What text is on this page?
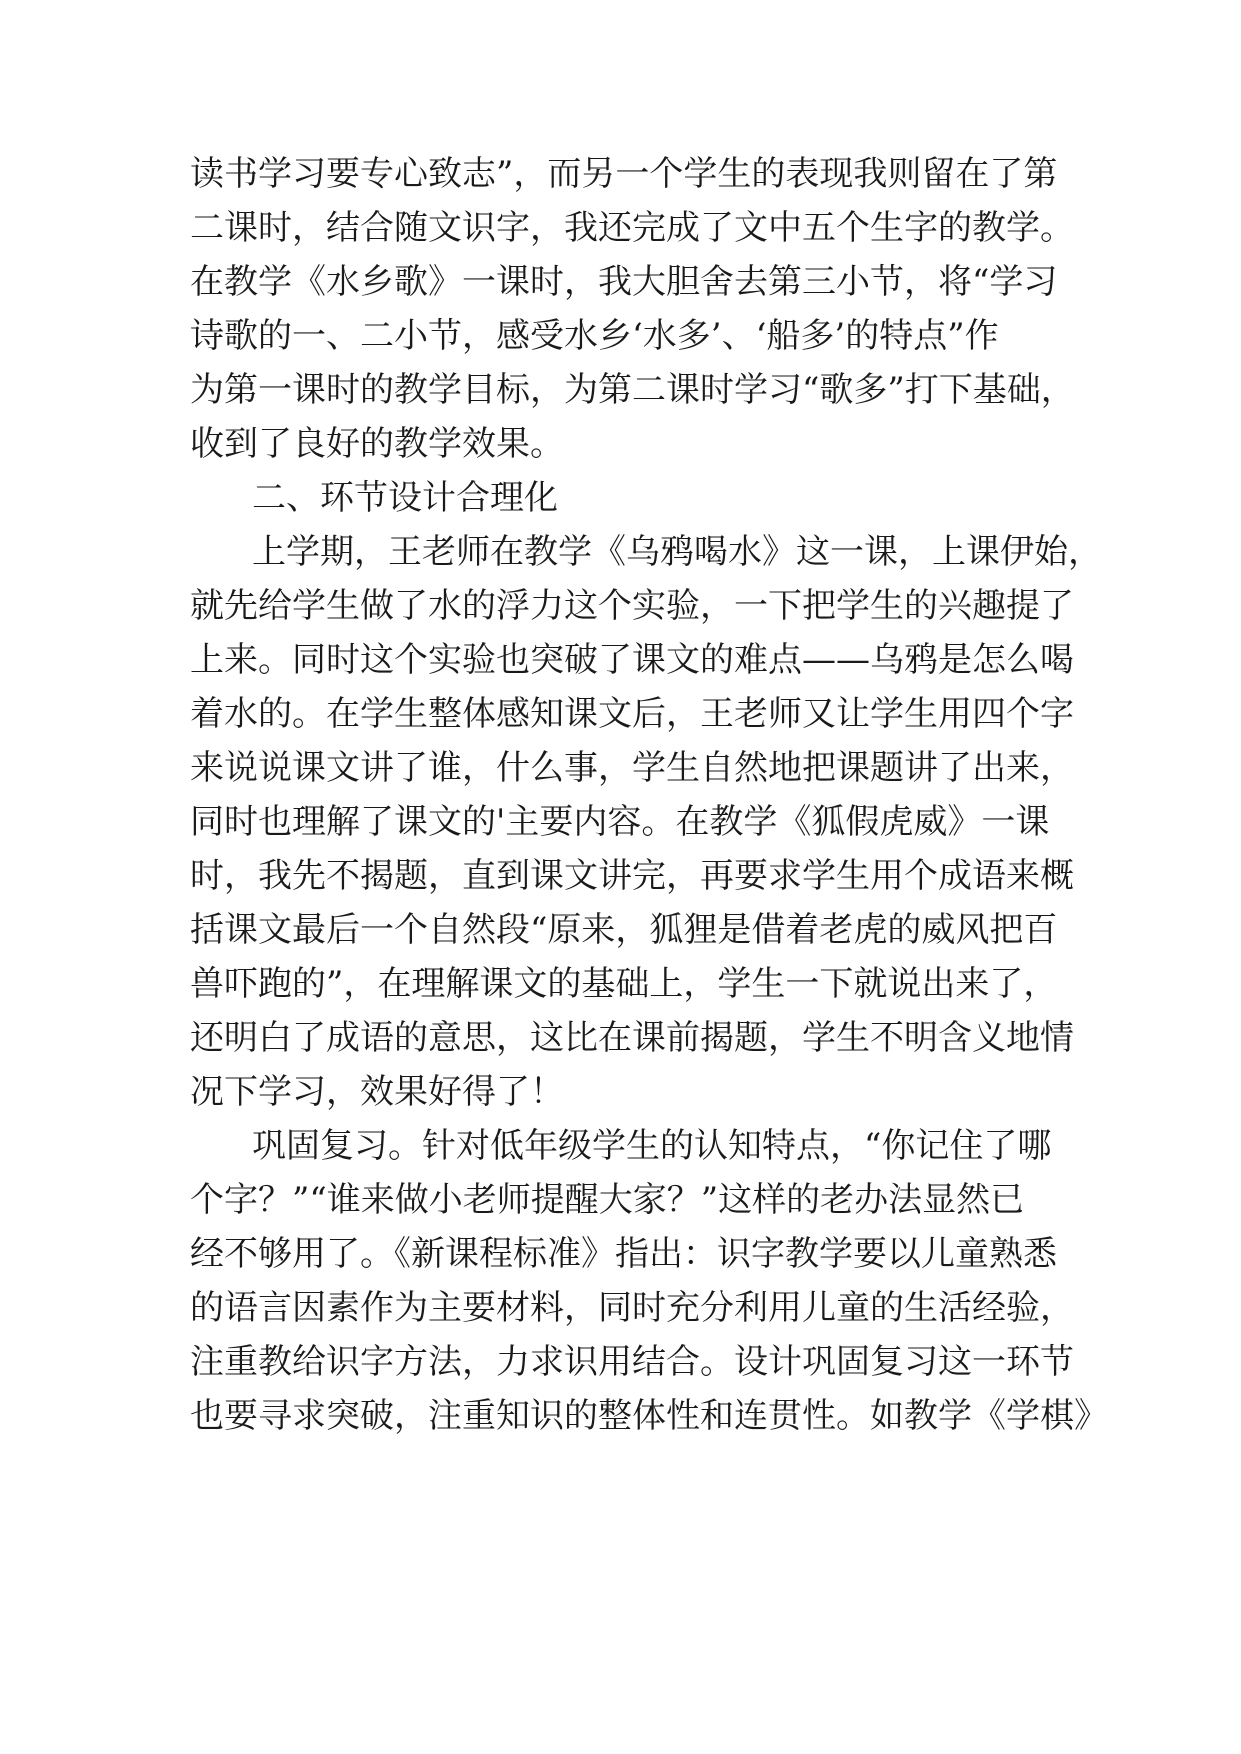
读书学习要专心致志”，而另一个学生的表现我则留在了第
二课时，结合随文识字，我还完成了文中五个生字的教学。
在教学《水乡歌》一课时，我大胆舍去第三小节，将“学习
诗歌的一、二小节，感受水乡‘水多’、‘船多’的特点”作
为第一课时的教学目标，为第二课时学习“歌多”打下基础，
收到了良好的教学效果。
二、环节设计合理化
上学期，王老师在教学《乌鸦喝水》这一课，上课伊始，
就先给学生做了水的浮力这个实验，一下把学生的兴趣提了
上来。同时这个实验也突破了课文的难点——乌鸦是怎么喝
着水的。在学生整体感知课文后，王老师又让学生用四个字
来说说课文讲了谁，什么事，学生自然地把课题讲了出来，
同时也理解了课文的'主要内容。在教学《狐假虎威》一课
时，我先不揭题，直到课文讲完，再要求学生用个成语来概
括课文最后一个自然段“原来，狐狸是借着老虎的威风把百
兽吓跑的”，在理解课文的基础上，学生一下就说出来了，
还明白了成语的意思，这比在课前揭题，学生不明含义地情
况下学习，效果好得了！
巩固复习。针对低年级学生的认知特点，“你记住了哪
个字？”“谁来做小老师提醒大家？”这样的老办法显然已
经不够用了。《新课程标准》指出：识字教学要以儿童熟悉
的语言因素作为主要材料，同时充分利用儿童的生活经验，
注重教给识字方法，力求识用结合。设计巩固复习这一环节
也要寻求突破，注重知识的整体性和连贯性。如教学《学棋》
